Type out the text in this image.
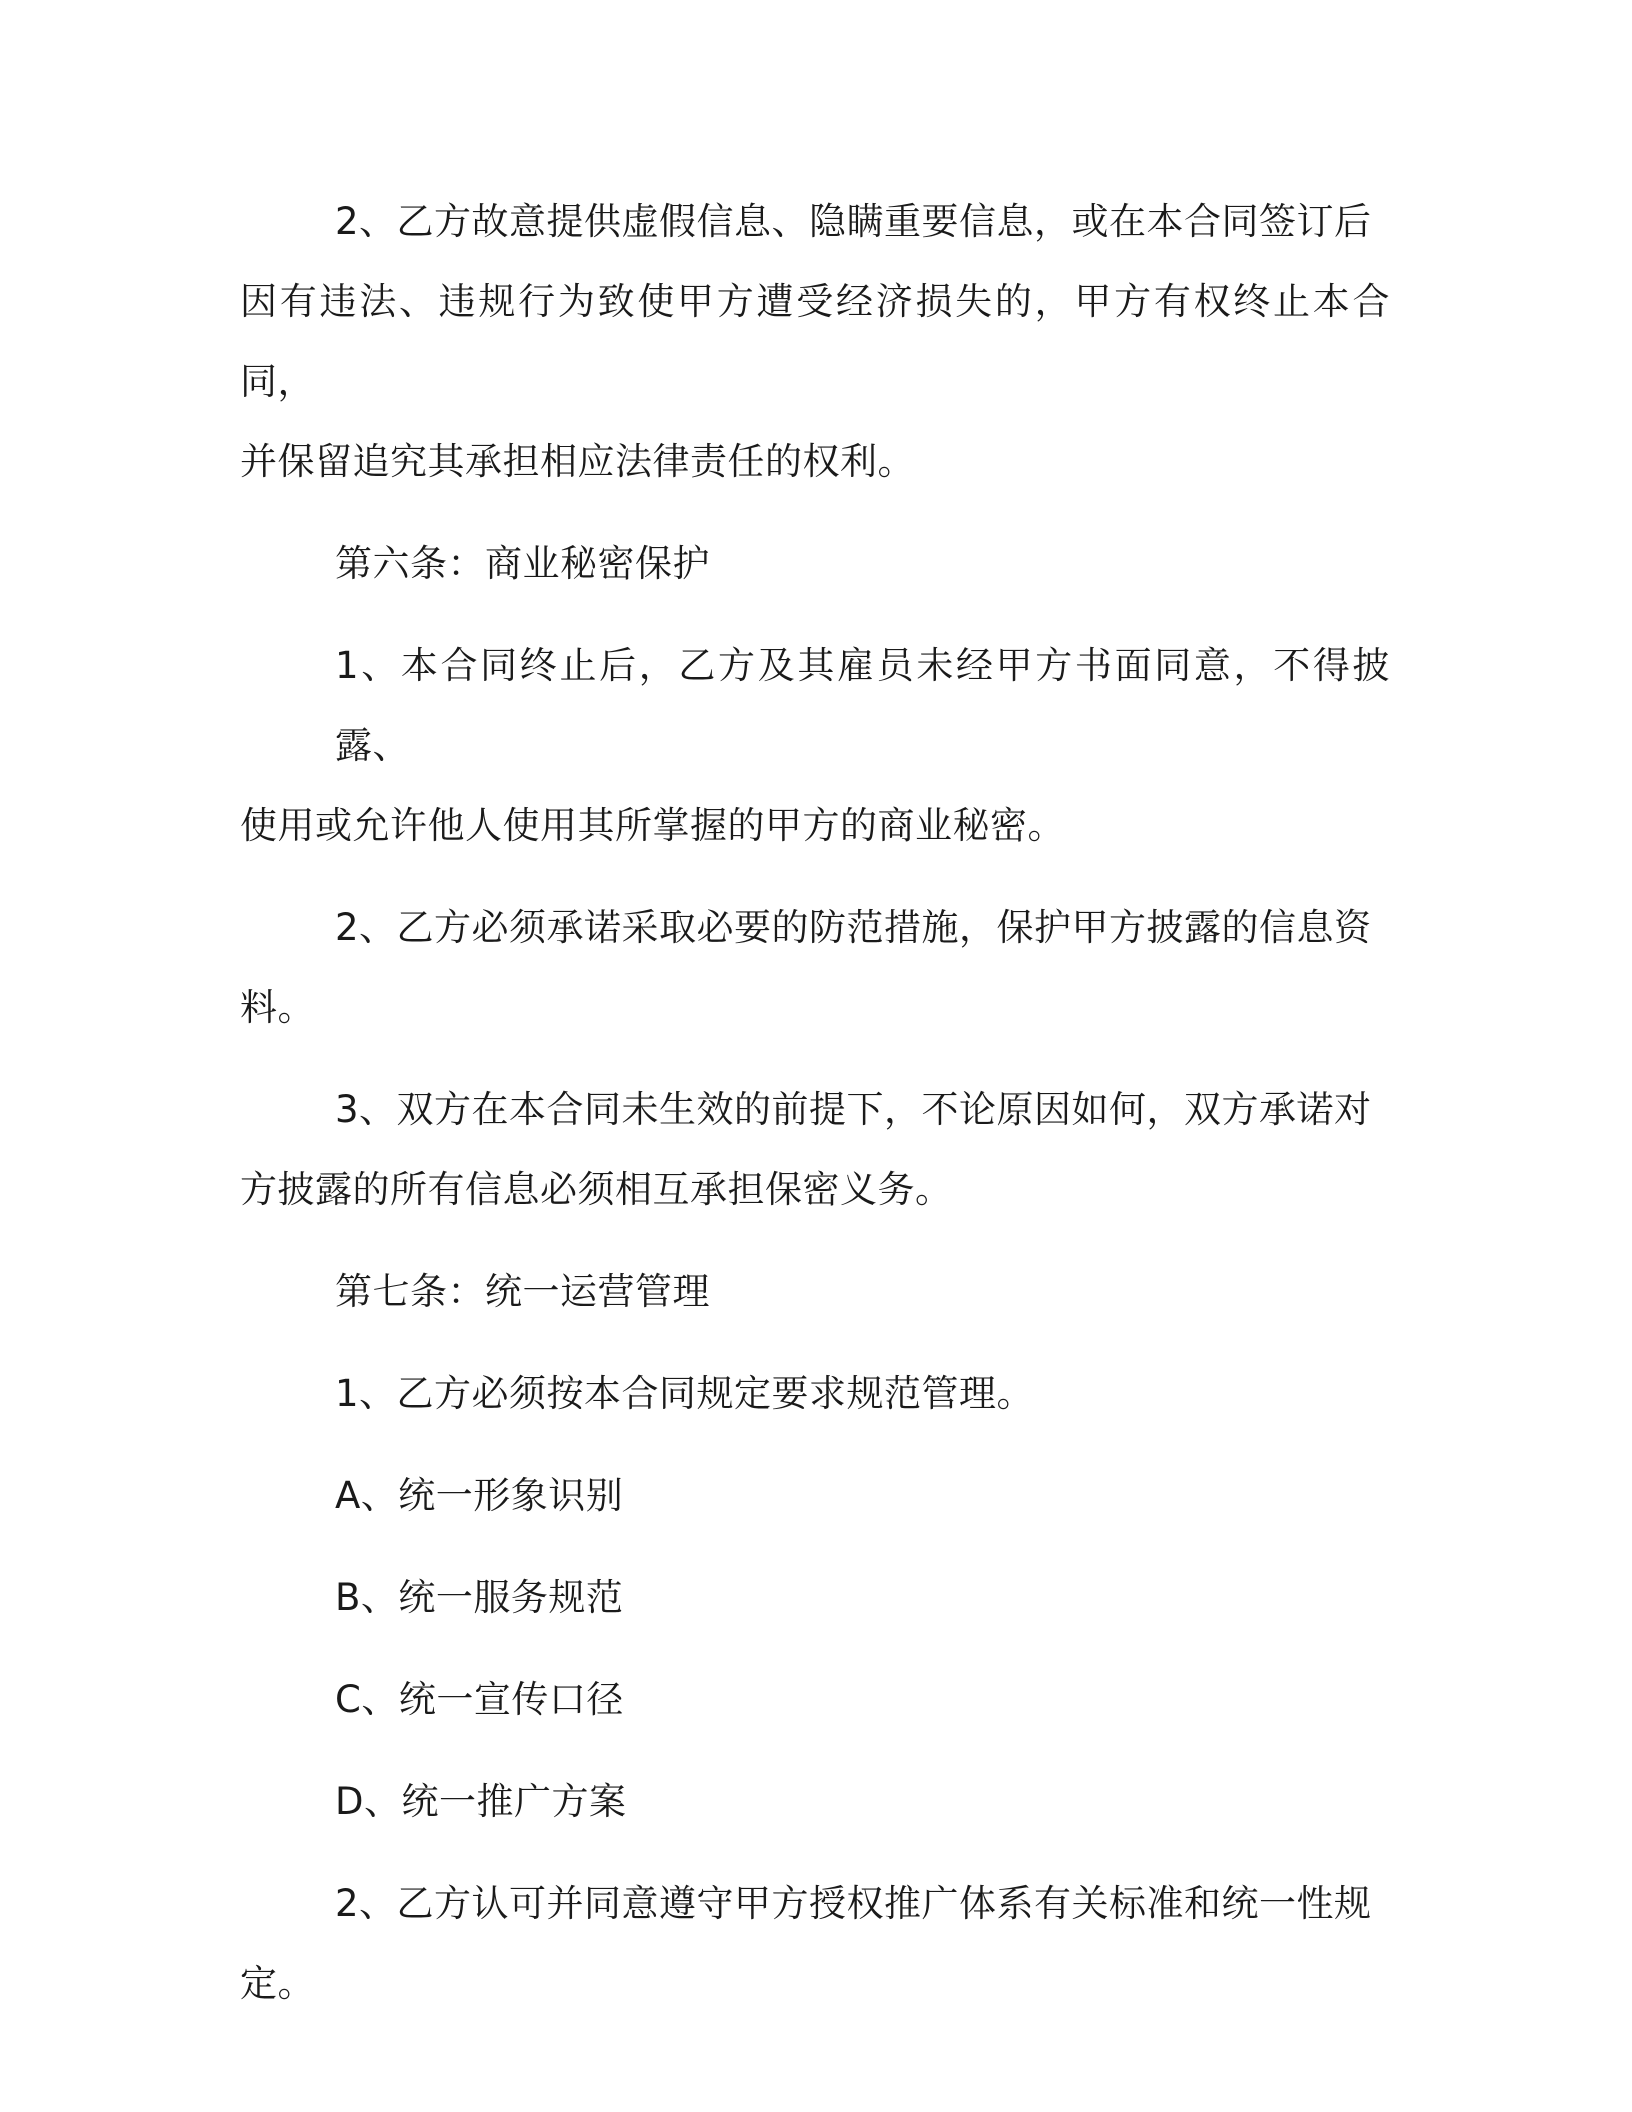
2、乙方故意提供虚假信息、隐瞒重要信息，或在本合同签订后
因有违法、违规行为致使甲方遭受经济损失的，甲方有权终止本合同，
并保留追究其承担相应法律责任的权利。
第六条：商业秘密保护
1、本合同终止后，乙方及其雇员未经甲方书面同意，不得披露、
使用或允许他人使用其所掌握的甲方的商业秘密。
2、乙方必须承诺采取必要的防范措施，保护甲方披露的信息资
料。
3、双方在本合同未生效的前提下，不论原因如何，双方承诺对
方披露的所有信息必须相互承担保密义务。
第七条：统一运营管理
1、乙方必须按本合同规定要求规范管理。
A、统一形象识别
B、统一服务规范
C、统一宣传口径
D、统一推广方案
2、乙方认可并同意遵守甲方授权推广体系有关标准和统一性规
定。
